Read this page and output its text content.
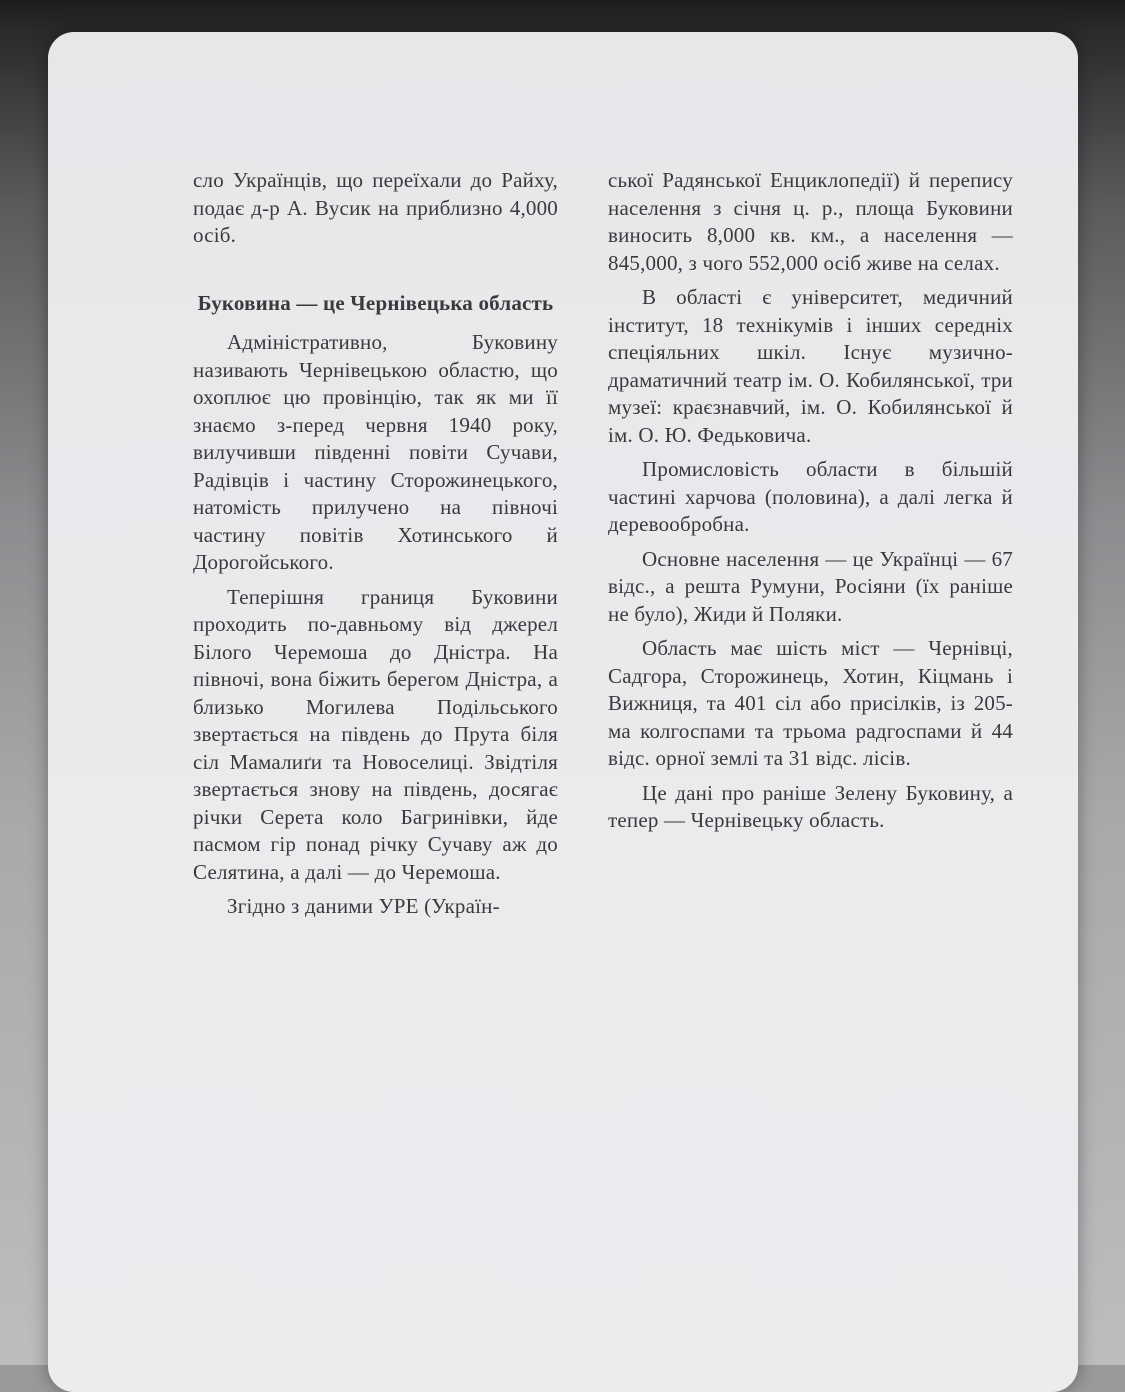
сло Українців, що переїхали до Райху, подає д-р А. Вусик на приблизно 4,000 осіб.

Буковина — це Чернівецька область

Адміністративно, Буковину називають Чернівецькою областю, що охоплює цю провінцію, так як ми її знаємо з-перед червня 1940 року, вилучивши південні повіти Сучави, Радівців і частину Сторожинецького, натомість прилучено на півночі частину повітів Хотинського й Дорогойського.

Теперішня границя Буковини проходить по-давньому від джерел Білого Черемоша до Дністра. На півночі, вона біжить берегом Дністра, а близько Могилева Подільського звертається на південь до Прута біля сіл Мамалиґи та Новоселиці. Звідтіля звертається знову на південь, досягає річки Серета коло Багринівки, йде пасмом гір понад річку Сучаву аж до Селятина, а далі — до Черемоша.

Згідно з даними УРЕ (Україн-

ської Радянської Енциклопедії) й перепису населення з січня ц. р., площа Буковини виносить 8,000 кв. км., а населення — 845,000, з чого 552,000 осіб живе на селах.

В області є університет, медичний інститут, 18 технікумів і інших середніх спеціяльних шкіл. Існує музично-драматичний театр ім. О. Кобилянської, три музеї: краєзнавчий, ім. О. Кобилянської й ім. О. Ю. Федьковича.

Промисловість области в більшій частині харчова (половина), а далі легка й деревообробна.

Основне населення — це Українці — 67 відс., а решта Румуни, Росіяни (їх раніше не було), Жиди й Поляки.

Область має шість міст — Чернівці, Садгора, Сторожинець, Хотин, Кіцмань і Вижниця, та 401 сіл або присілків, із 205-ма колгоспами та трьома радгоспами й 44 відс. орної землі та 31 відс. лісів.

Це дані про раніше Зелену Буковину, а тепер — Чернівецьку область.
